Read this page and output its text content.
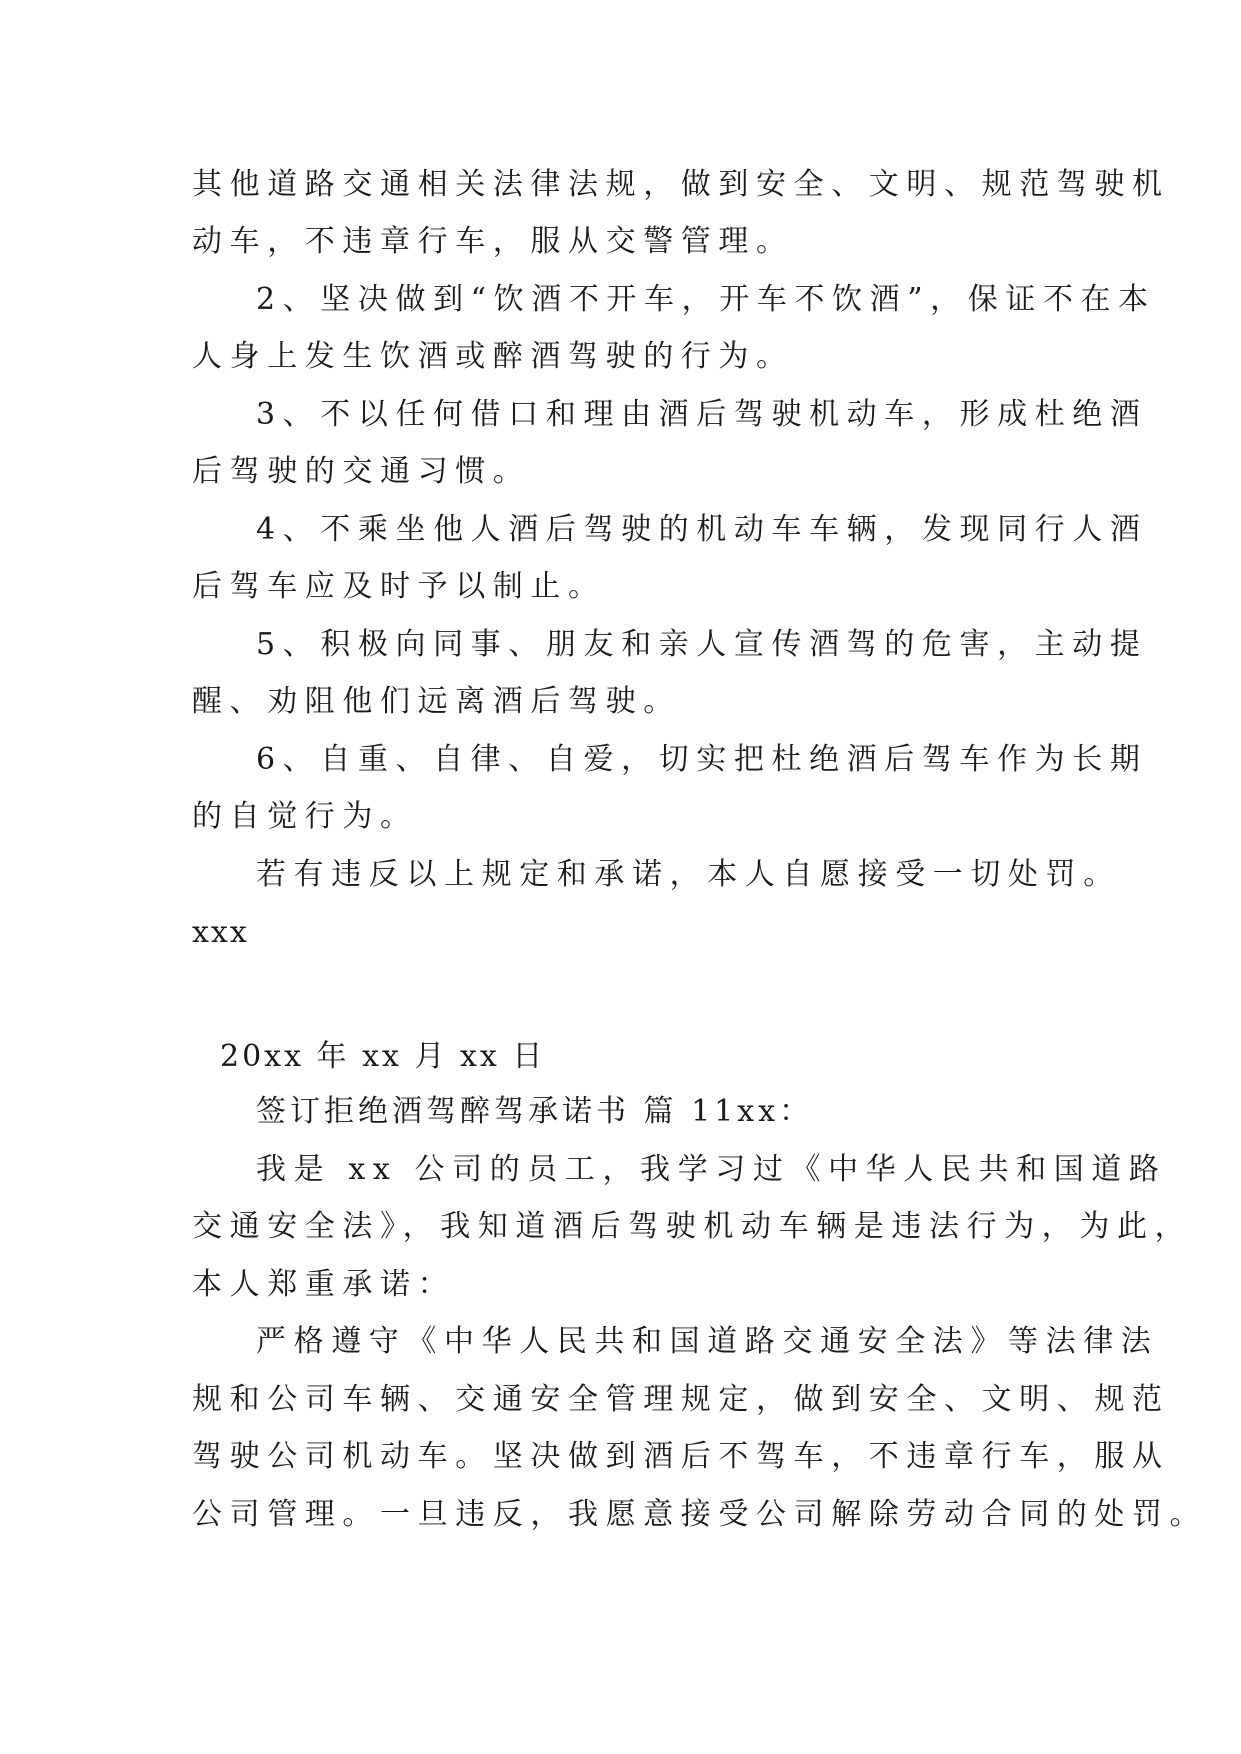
其他道路交通相关法律法规，做到安全、文明、规范驾驶机

动车，不违章行车，服从交警管理。

2、坚决做到“饮酒不开车，开车不饮酒”，保证不在本

人身上发生饮酒或醉酒驾驶的行为。

3、不以任何借口和理由酒后驾驶机动车，形成杜绝酒

后驾驶的交通习惯。

4、不乘坐他人酒后驾驶的机动车车辆，发现同行人酒

后驾车应及时予以制止。

5、积极向同事、朋友和亲人宣传酒驾的危害，主动提

醒、劝阻他们远离酒后驾驶。

6、自重、自律、自爱，切实把杜绝酒后驾车作为长期

的自觉行为。

若有违反以上规定和承诺，本人自愿接受一切处罚。

xxx

20xx 年 xx 月 xx 日

签订拒绝酒驾醉驾承诺书 篇 11xx：

我是 xx 公司的员工，我学习过《中华人民共和国道路

交通安全法》，我知道酒后驾驶机动车辆是违法行为，为此，

本人郑重承诺：

严格遵守《中华人民共和国道路交通安全法》等法律法

规和公司车辆、交通安全管理规定，做到安全、文明、规范

驾驶公司机动车。坚决做到酒后不驾车，不违章行车，服从

公司管理。一旦违反，我愿意接受公司解除劳动合同的处罚。
